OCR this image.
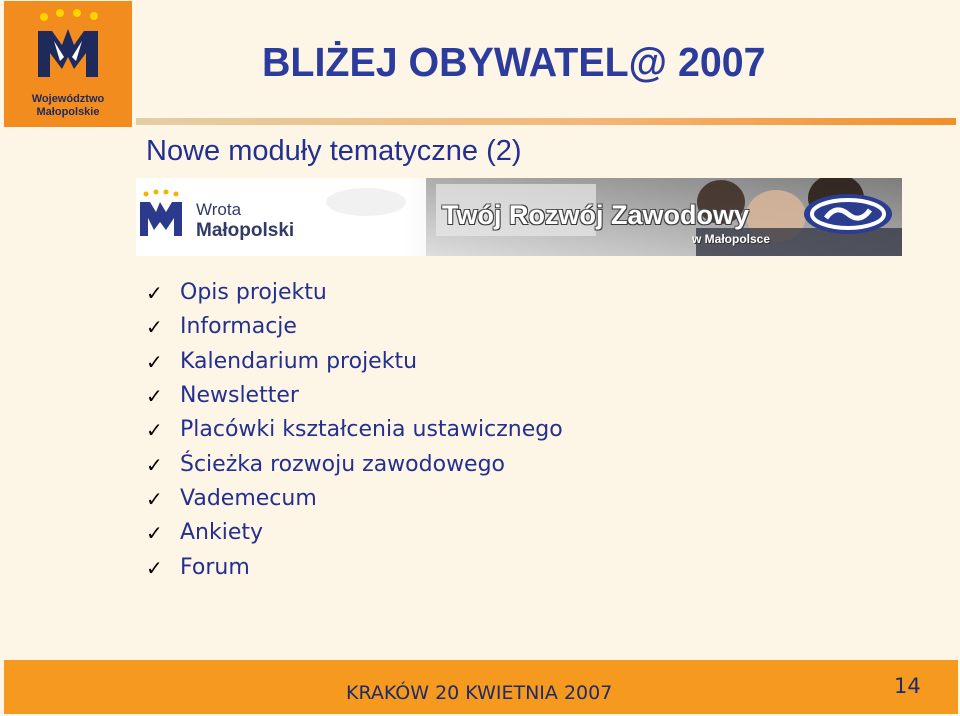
Województwo
Małopolskie
BLIŻEJ OBYWATEL@ 2007
Nowe moduły tematyczne (2)
Wrota
Małopolski
Twój Rozwój Zawodowy
w Małopolsce
✓ Opis projektu
✓ Informacje
✓ Kalendarium projektu
✓ Newsletter
✓ Placówki kształcenia ustawicznego
✓ Ścieżka rozwoju zawodowego
✓ Vademecum
✓ Ankiety
✓ Forum
KRAKÓW 20 KWIETNIA 2007	14
